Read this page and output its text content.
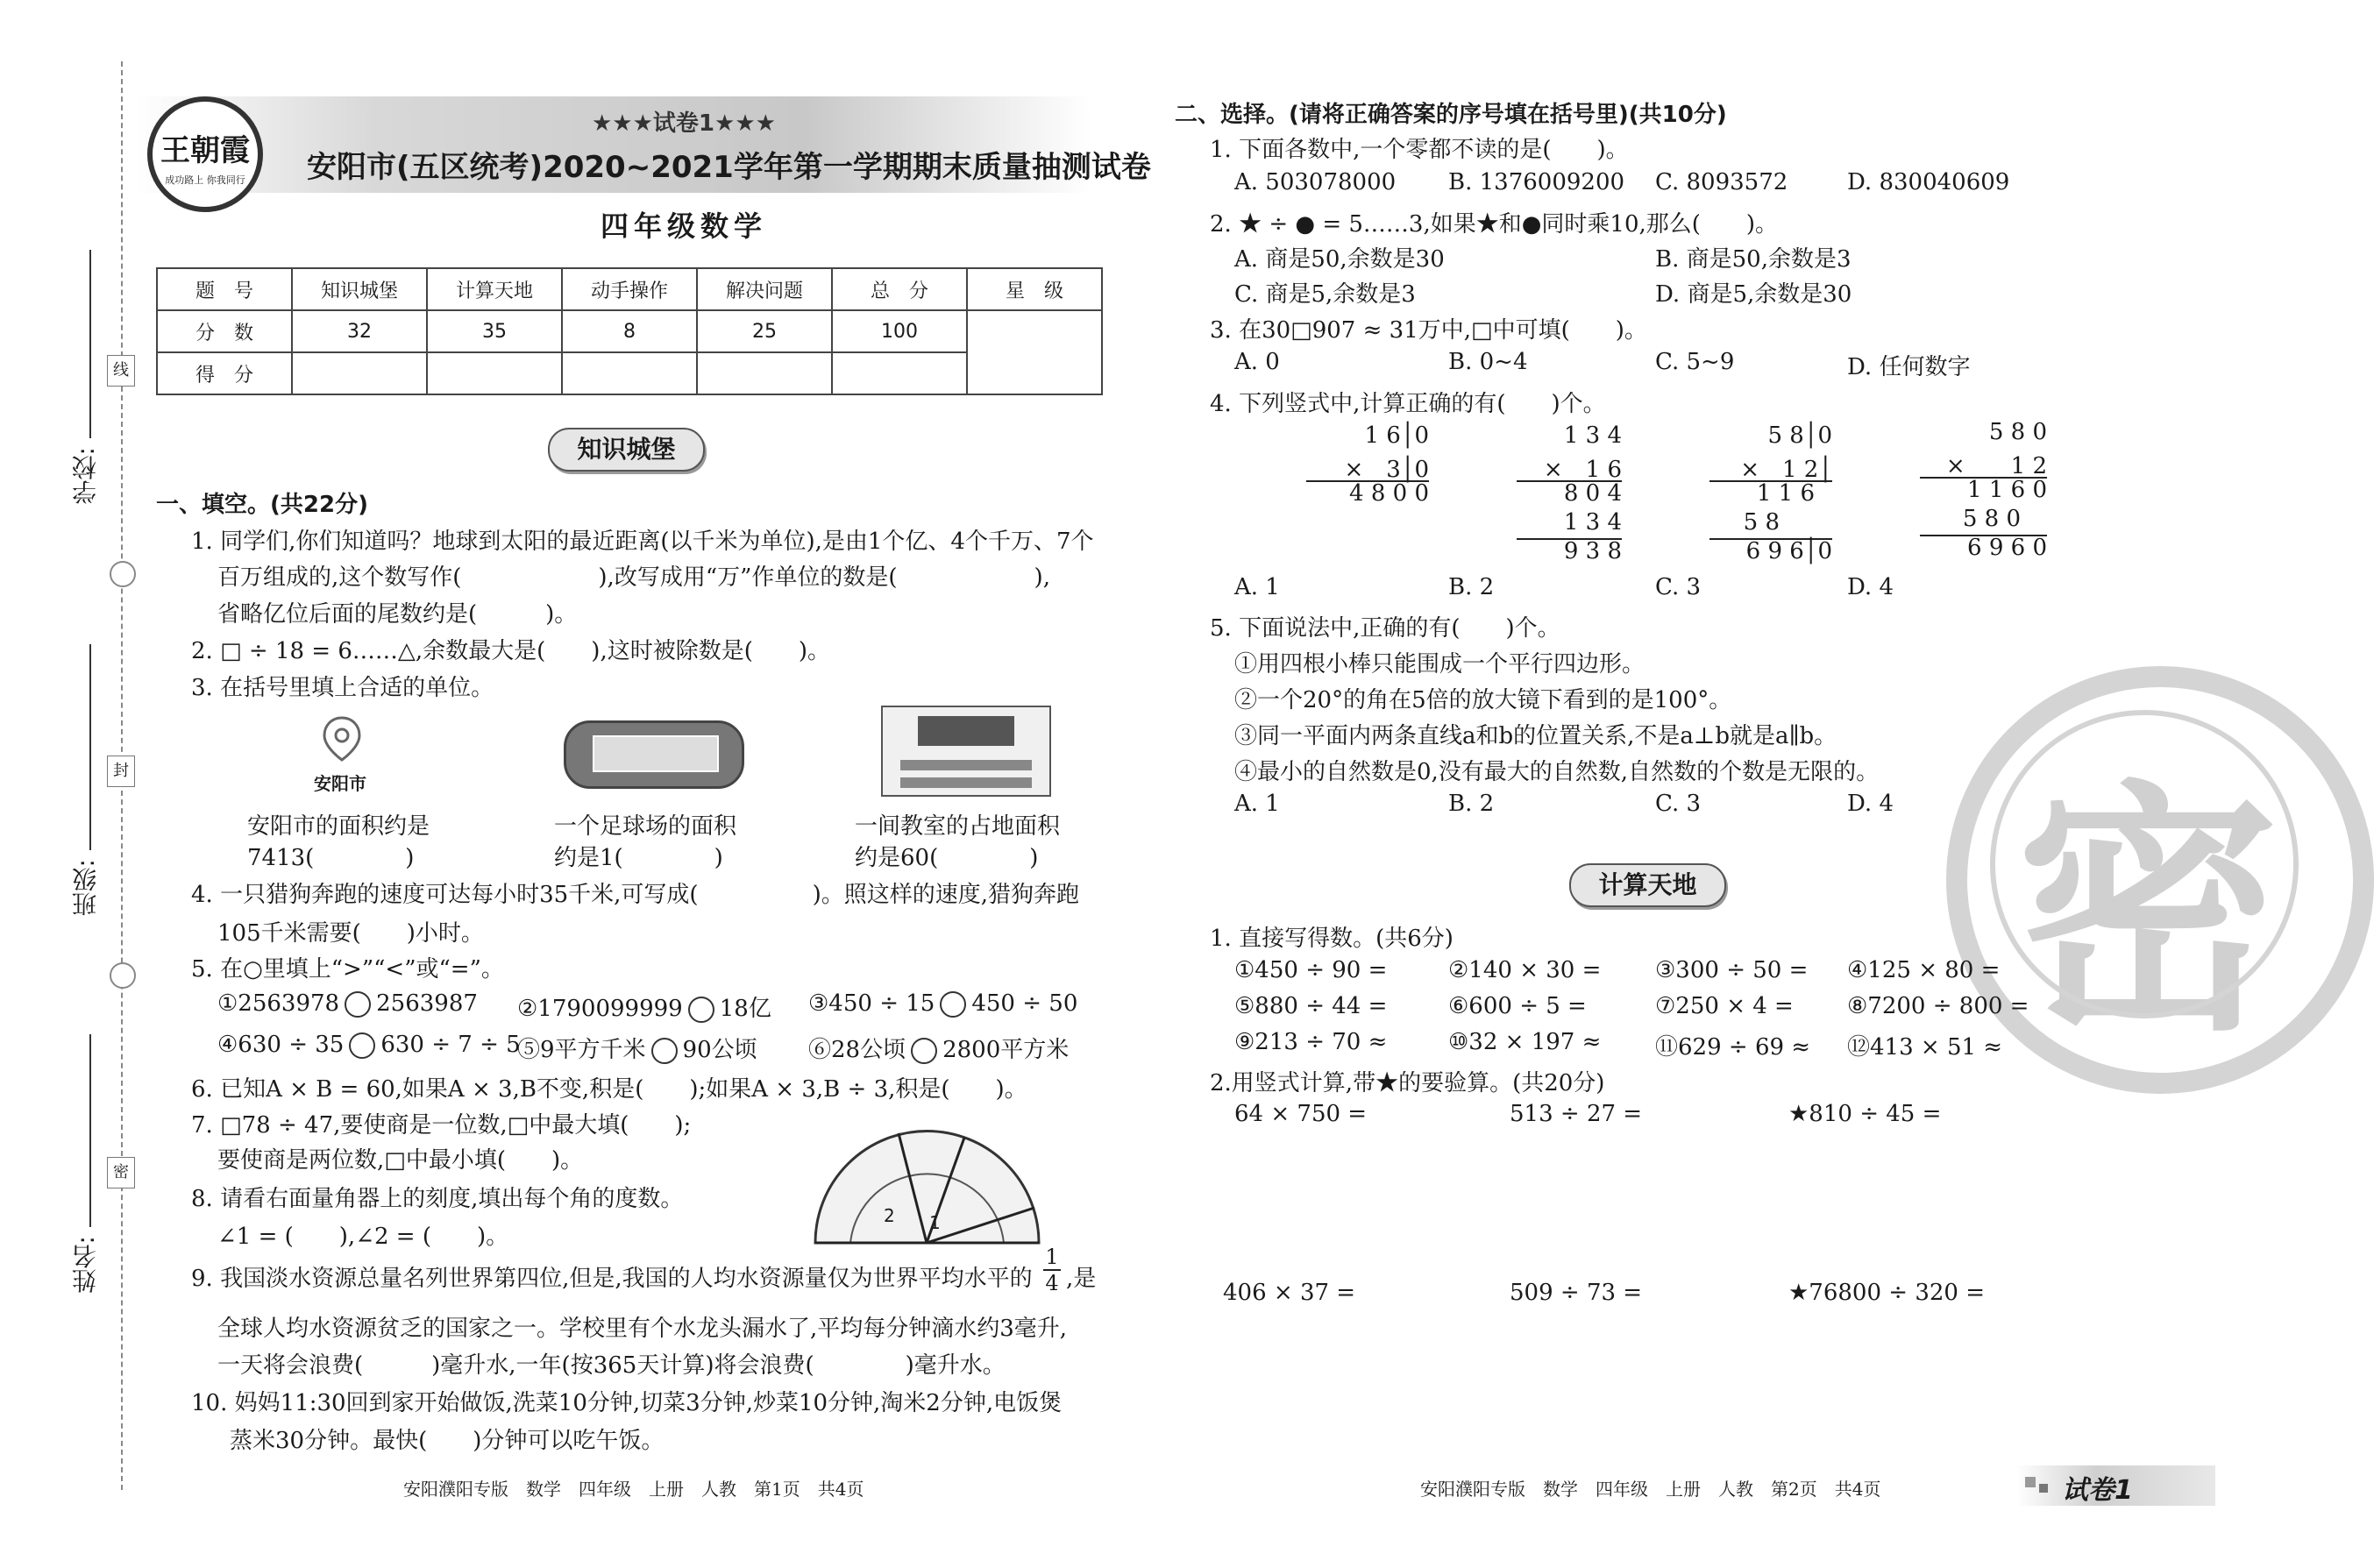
线
封
密
学校:
班级:
姓名:
王朝霞
成功路上 你我同行
★★★试卷1★★★
安阳市(五区统考)2020~2021学年第一学期期末质量抽测试卷
四年级数学
题　号	知识城堡	计算天地	动手操作	解决问题	总　分	星　级
分　数	32	35	8	25	100	
得　分						
知识城堡
一、填空。(共22分)
1. 同学们,你们知道吗？地球到太阳的最近距离(以千米为单位),是由1个亿、4个千万、7个
百万组成的,这个数写作(　　　　　　),改写成用“万”作单位的数是(　　　　　　),
省略亿位后面的尾数约是(　　　)。
2. □ ÷ 18 = 6……△,余数最大是(　　),这时被除数是(　　)。
3. 在括号里填上合适的单位。
安阳市
安阳市的面积约是
7413(　　　　)
一个足球场的面积
约是1(　　　　)
一间教室的占地面积
约是60(　　　　)
4. 一只猎狗奔跑的速度可达每小时35千米,可写成(　　　　　)。照这样的速度,猎狗奔跑
105千米需要(　　)小时。
5. 在○里填上“>”“<”或“=”。
①2563978 2563987 ②1790099999 18亿 ③450 ÷ 15 450 ÷ 50
④630 ÷ 35 630 ÷ 7 ÷ 5
⑤9平方千米 90公顷 ⑥28公顷 2800平方米
6. 已知A × B = 60,如果A × 3,B不变,积是(　　);如果A × 3,B ÷ 3,积是(　　)。
7. □78 ÷ 47,要使商是一位数,□中最大填(　　);
要使商是两位数,□中最小填(　　)。
8. 请看右面量角器上的刻度,填出每个角的度数。
∠1 = (　　),∠2 = (　　)。
2 1
9. 我国淡水资源总量名列世界第四位,但是,我国的人均水资源量仅为世界平均水平的
1
4 ,是
全球人均水资源贫乏的国家之一。学校里有个水龙头漏水了,平均每分钟滴水约3毫升,
一天将会浪费(　　　)毫升水,一年(按365天计算)将会浪费(　　　　)毫升水。
10. 妈妈11:30回到家开始做饭,洗菜10分钟,切菜3分钟,炒菜10分钟,淘米2分钟,电饭煲
蒸米30分钟。最快(　　)分钟可以吃午饭。
安阳濮阳专版　数学　四年级　上册　人教　第1页　共4页
密
二、选择。(请将正确答案的序号填在括号里)(共10分)
1. 下面各数中,一个零都不读的是(　　)。
A. 503078000 B. 1376009200 C. 8093572	D. 830040609
2. ★ ÷ ● = 5……3,如果★和●同时乘10,那么(　　)。
A. 商是50,余数是30	B. 商是50,余数是3
C. 商是5,余数是3	D. 商是5,余数是30
3. 在30□907 ≈ 31万中,□中可填(　　)。
A. 0	B. 0~4	C. 5~9	D. 任何数字
4. 下列竖式中,计算正确的有(　　)个。
1 6│0
×　3│0
4 8 0 0
1 3 4
×　1 6
8 0 4
1 3 4
9 3 8
5 8│0
×　1 2│
1 1 6
5 8
6 9 6│0
5 8 0
×　　1 2
1 1 6 0
5 8 0
6 9 6 0
A. 1	B. 2	C. 3	D. 4
5. 下面说法中,正确的有(　　)个。
①用四根小棒只能围成一个平行四边形。
②一个20°的角在5倍的放大镜下看到的是100°。
③同一平面内两条直线a和b的位置关系,不是a⊥b就是a∥b。
④最小的自然数是0,没有最大的自然数,自然数的个数是无限的。
A. 1	B. 2	C. 3	D. 4
计算天地
1. 直接写得数。(共6分)
①450 ÷ 90 =	②140 × 30 = ③300 ÷ 50 = ④125 × 80 =
⑤880 ÷ 44 =	⑥600 ÷ 5 =	⑦250 × 4 = ⑧7200 ÷ 800 =
⑨213 ÷ 70 ≈	⑩32 × 197 ≈ ⑪629 ÷ 69 ≈ ⑫413 × 51 ≈
2.用竖式计算,带★的要验算。(共20分)
64 × 750 =	513 ÷ 27 =	★810 ÷ 45 =
406 × 37 =	509 ÷ 73 =	★76800 ÷ 320 =
安阳濮阳专版　数学　四年级　上册　人教　第2页　共4页	试卷1
